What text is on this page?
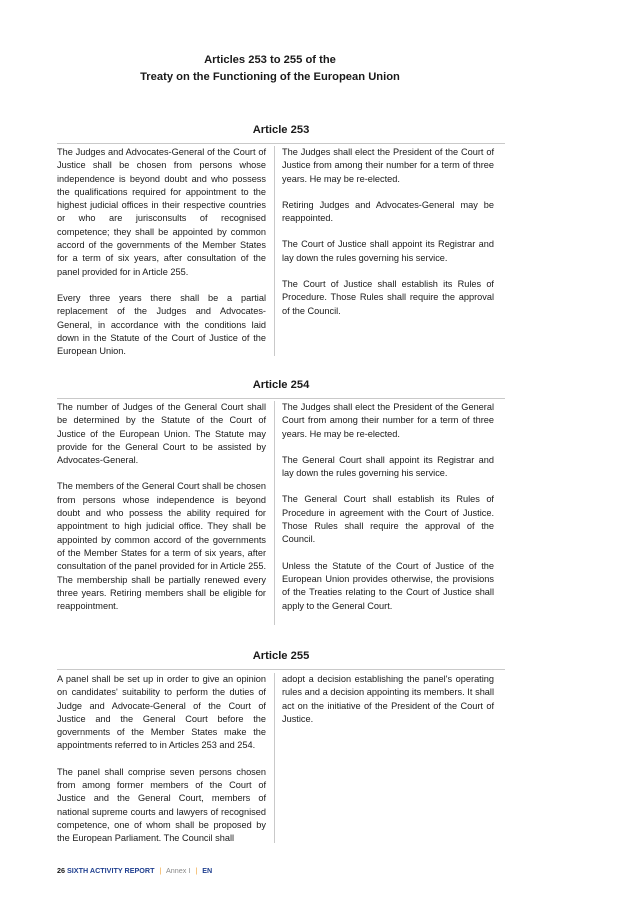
Articles 253 to 255 of the
Treaty on the Functioning of the European Union
Article 253

The Judges and Advocates-General of the Court of Justice shall be chosen from persons whose independence is beyond doubt and who possess the qualifications required for appointment to the highest judicial offices in their respective countries or who are jurisconsults of recognised competence; they shall be appointed by common accord of the governments of the Member States for a term of six years, after consultation of the panel provided for in Article 255.

Every three years there shall be a partial replacement of the Judges and Advocates-General, in accordance with the conditions laid down in the Statute of the Court of Justice of the European Union.

The Judges shall elect the President of the Court of Justice from among their number for a term of three years. He may be re-elected.

Retiring Judges and Advocates-General may be reappointed.

The Court of Justice shall appoint its Registrar and lay down the rules governing his service.

The Court of Justice shall establish its Rules of Procedure. Those Rules shall require the approval of the Council.

Article 254

The number of Judges of the General Court shall be determined by the Statute of the Court of Justice of the European Union. The Statute may provide for the General Court to be assisted by Advocates-General.

The members of the General Court shall be chosen from persons whose independence is beyond doubt and who possess the ability required for appointment to high judicial office. They shall be appointed by common accord of the governments of the Member States for a term of six years, after consultation of the panel provided for in Article 255. The membership shall be partially renewed every three years. Retiring members shall be eligible for reappointment.

The Judges shall elect the President of the General Court from among their number for a term of three years. He may be re-elected.

The General Court shall appoint its Registrar and lay down the rules governing his service.

The General Court shall establish its Rules of Procedure in agreement with the Court of Justice. Those Rules shall require the approval of the Council.

Unless the Statute of the Court of Justice of the European Union provides otherwise, the provisions of the Treaties relating to the Court of Justice shall apply to the General Court.

Article 255

A panel shall be set up in order to give an opinion on candidates' suitability to perform the duties of Judge and Advocate-General of the Court of Justice and the General Court before the governments of the Member States make the appointments referred to in Articles 253 and 254.

The panel shall comprise seven persons chosen from among former members of the Court of Justice and the General Court, members of national supreme courts and lawyers of recognised competence, one of whom shall be proposed by the European Parliament. The Council shall

adopt a decision establishing the panel's operating rules and a decision appointing its members. It shall act on the initiative of the President of the Court of Justice.

26 SIXTH ACTIVITY REPORT | Annex I | EN
